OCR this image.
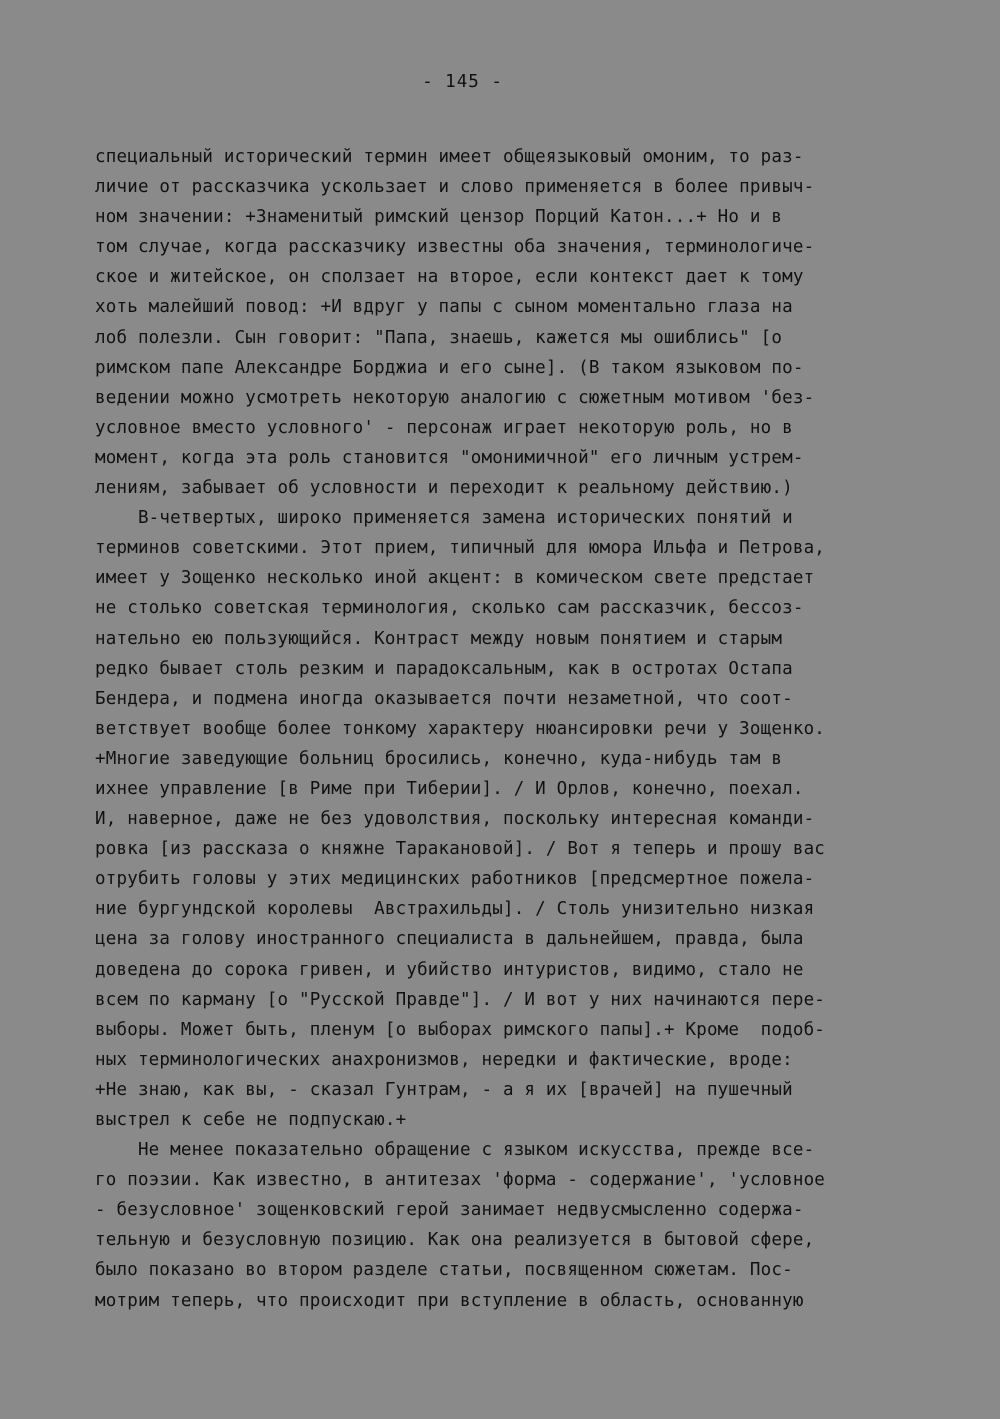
- 145 -
специальный исторический термин имеет общеязыковый омоним, то раз-
личие от рассказчика ускользает и слово применяется в более привыч-
ном значении: +Знаменитый римский цензор Порций Катон...+ Но и в
том случае, когда рассказчику известны оба значения, терминологиче-
ское и житейское, он сползает на второе, если контекст дает к тому
хоть малейший повод: +И вдруг у папы с сыном моментально глаза на
лоб полезли. Сын говорит: "Папа, знаешь, кажется мы ошиблись" [о
римском папе Александре Борджиа и его сыне]. (В таком языковом по-
ведении можно усмотреть некоторую аналогию с сюжетным мотивом 'без-
условное вместо условного' - персонаж играет некоторую роль, но в
момент, когда эта роль становится "омонимичной" его личным устрем-
лениям, забывает об условности и переходит к реальному действию.)
В-четвертых, широко применяется замена исторических понятий и
терминов советскими. Этот прием, типичный для юмора Ильфа и Петрова,
имеет у Зощенко несколько иной акцент: в комическом свете предстает
не столько советская терминология, сколько сам рассказчик, бессоз-
нательно ею пользующийся. Контраст между новым понятием и старым
редко бывает столь резким и парадоксальным, как в остротах Остапа
Бендера, и подмена иногда оказывается почти незаметной, что соот-
ветствует вообще более тонкому характеру нюансировки речи у Зощенко.
+Многие заведующие больниц бросились, конечно, куда-нибудь там в
ихнее управление [в Риме при Тиберии]. / И Орлов, конечно, поехал.
И, наверное, даже не без удоволствия, поскольку интересная команди-
ровка [из рассказа о княжне Таракановой]. / Вот я теперь и прошу вас
отрубить головы у этих медицинских работников [предсмертное пожела-
ние бургундской королевы  Австрахильды]. / Столь унизительно низкая
цена за голову иностранного специалиста в дальнейшем, правда, была
доведена до сорока гривен, и убийство интуристов, видимо, стало не
всем по карману [о "Русской Правде"]. / И вот у них начинаются пере-
выборы. Может быть, пленум [о выборах римского папы].+ Кроме  подоб-
ных терминологических анахронизмов, нередки и фактические, вроде:
+Не знаю, как вы, - сказал Гунтрам, - а я их [врачей] на пушечный
выстрел к себе не подпускаю.+
Не менее показательно обращение с языком искусства, прежде все-
го поэзии. Как известно, в антитезах 'форма - содержание', 'условное
- безусловное' зощенковский герой занимает недвусмысленно содержа-
тельную и безусловную позицию. Как она реализуется в бытовой сфере,
было показано во втором разделе статьи, посвященном сюжетам. Пос-
мотрим теперь, что происходит при вступление в область, основанную
